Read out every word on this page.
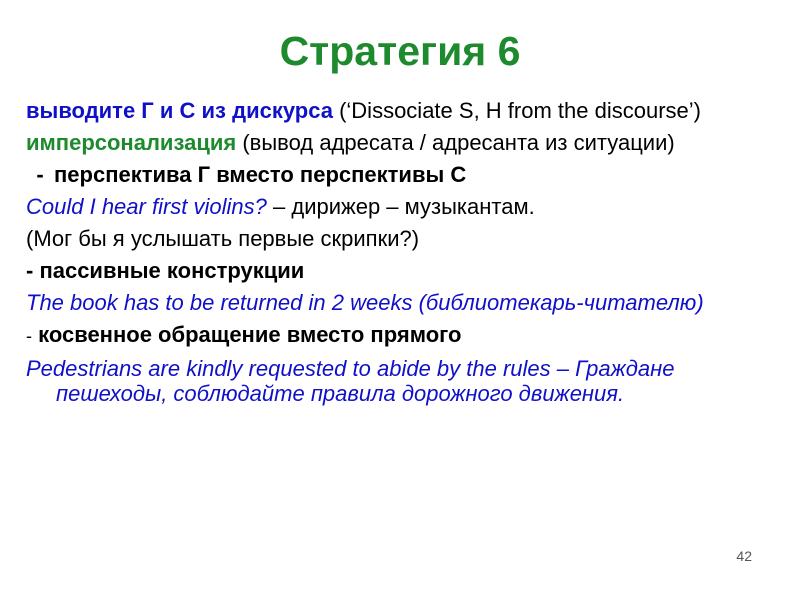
Стратегия 6

выводите Г и С из дискурса (‘Dissociate S, H from the discourse’)

имперсонализация (вывод адресата / адресанта из ситуации)

- перспектива Г вместо перспективы С

Could I hear first violins? – дирижер – музыкантам.

(Мог бы я услышать первые скрипки?)

- пассивные конструкции

The book has to be returned in 2 weeks (библиотекарь-читателю)

- косвенное обращение вместо прямого

Pedestrians are kindly requested to abide by the rules – Граждане пешеходы, соблюдайте правила дорожного движения.

42
